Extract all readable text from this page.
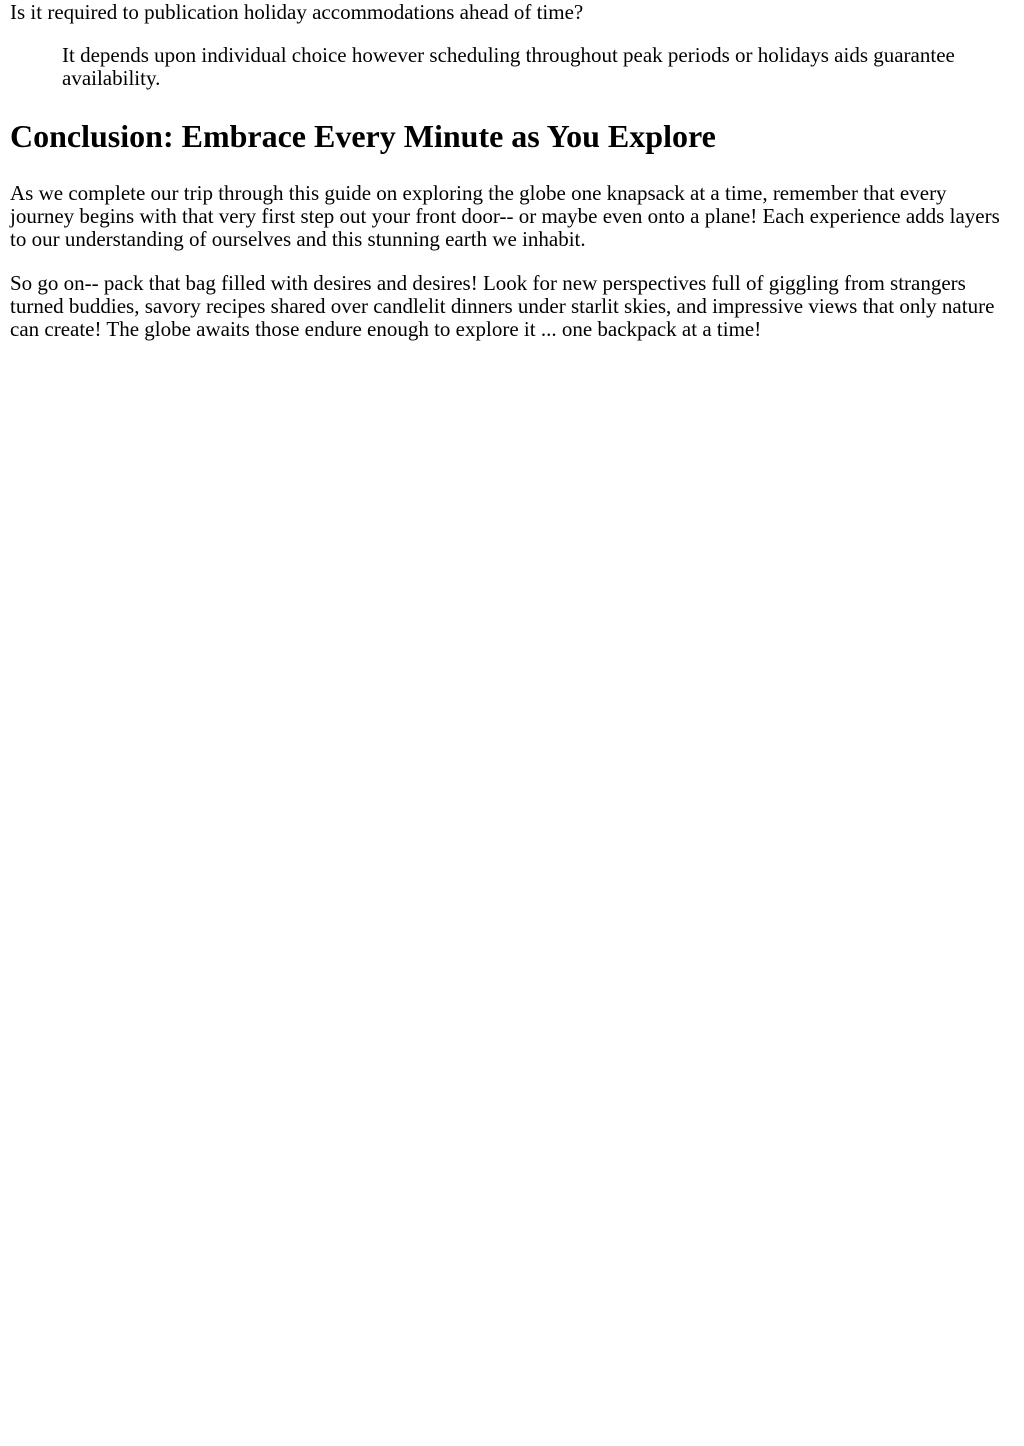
Is it required to publication holiday accommodations ahead of time?
It depends upon individual choice however scheduling throughout peak periods or holidays aids guarantee availability.
Conclusion: Embrace Every Minute as You Explore

As we complete our trip through this guide on exploring the globe one knapsack at a time, remember that every journey begins with that very first step out your front door-- or maybe even onto a plane! Each experience adds layers to our understanding of ourselves and this stunning earth we inhabit.

So go on-- pack that bag filled with desires and desires! Look for new perspectives full of giggling from strangers turned buddies, savory recipes shared over candlelit dinners under starlit skies, and impressive views that only nature can create! The globe awaits those endure enough to explore it ... one backpack at a time!
